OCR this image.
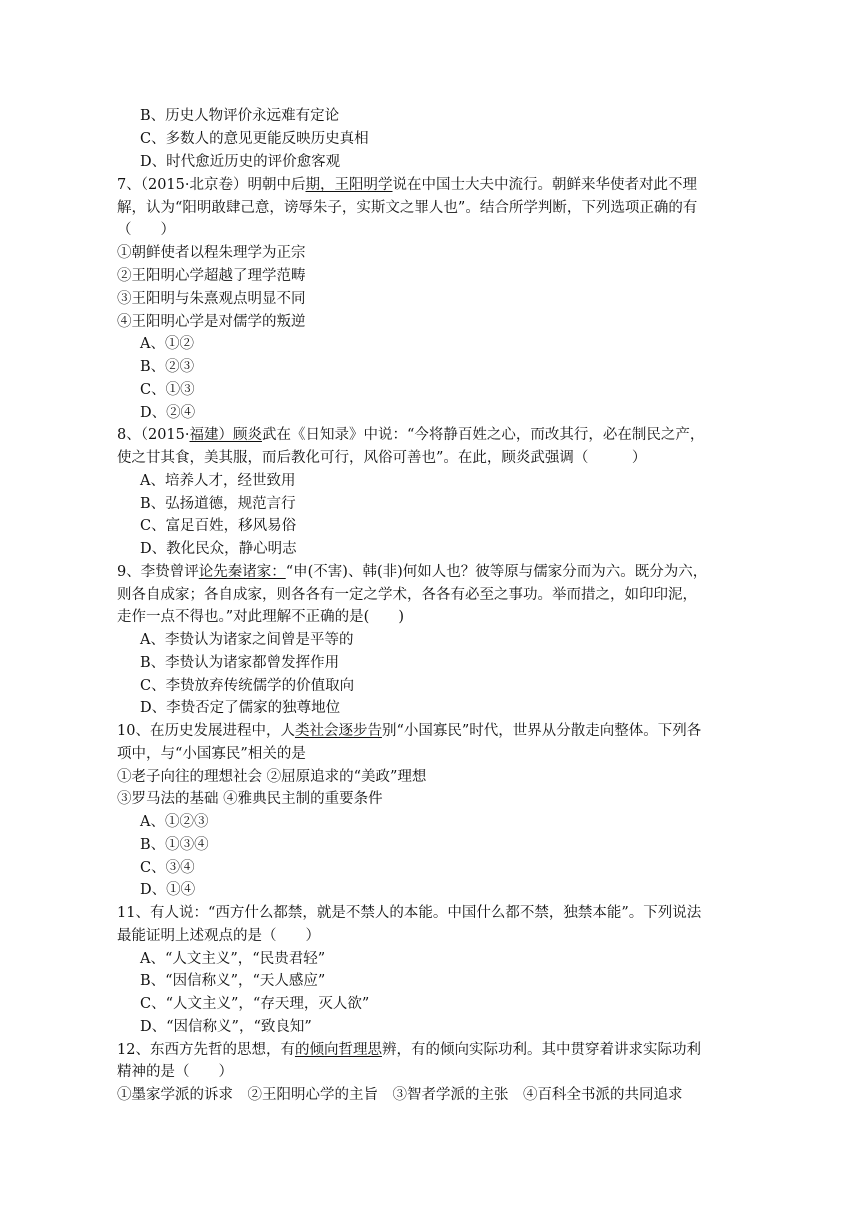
B、历史人物评价永远难有定论
C、多数人的意见更能反映历史真相
D、时代愈近历史的评价愈客观
7、（2015·北京卷）明朝中后期，王阳明学说在中国士大夫中流行。朝鲜来华使者对此不理
解，认为“阳明敢肆己意，谤辱朱子，实斯文之罪人也”。结合所学判断，下列选项正确的有
（　　）
①朝鲜使者以程朱理学为正宗
②王阳明心学超越了理学范畴
③王阳明与朱熹观点明显不同
④王阳明心学是对儒学的叛逆
A、①②
B、②③
C、①③
D、②④
8、（2015·福建）顾炎武在《日知录》中说：“今将静百姓之心，而改其行，必在制民之产，
使之甘其食，美其服，而后教化可行，风俗可善也”。在此，顾炎武强调（　　　）
A、培养人才，经世致用
B、弘扬道德，规范言行
C、富足百姓，移风易俗
D、教化民众，静心明志
9、李贽曾评论先秦诸家：“申(不害)、韩(非)何如人也？彼等原与儒家分而为六。既分为六，
则各自成家；各自成家，则各各有一定之学术，各各有必至之事功。举而措之，如印印泥，
走作一点不得也。”对此理解不正确的是(　　)
A、李贽认为诸家之间曾是平等的
B、李贽认为诸家都曾发挥作用
C、李贽放弃传统儒学的价值取向
D、李贽否定了儒家的独尊地位
10、在历史发展进程中，人类社会逐步告别“小国寡民”时代，世界从分散走向整体。下列各
项中，与“小国寡民”相关的是
①老子向往的理想社会 ②屈原追求的“美政”理想
③罗马法的基础 ④雅典民主制的重要条件
A、①②③
B、①③④
C、③④
D、①④
11、有人说：“西方什么都禁，就是不禁人的本能。中国什么都不禁，独禁本能”。下列说法
最能证明上述观点的是（　　）
A、“人文主义”，“民贵君轻”
B、“因信称义”，“天人感应”
C、“人文主义”，“存天理，灭人欲”
D、“因信称义”，“致良知”
12、东西方先哲的思想，有的倾向哲理思辨，有的倾向实际功利。其中贯穿着讲求实际功利
精神的是（　　）
①墨家学派的诉求　②王阳明心学的主旨　③智者学派的主张　④百科全书派的共同追求
